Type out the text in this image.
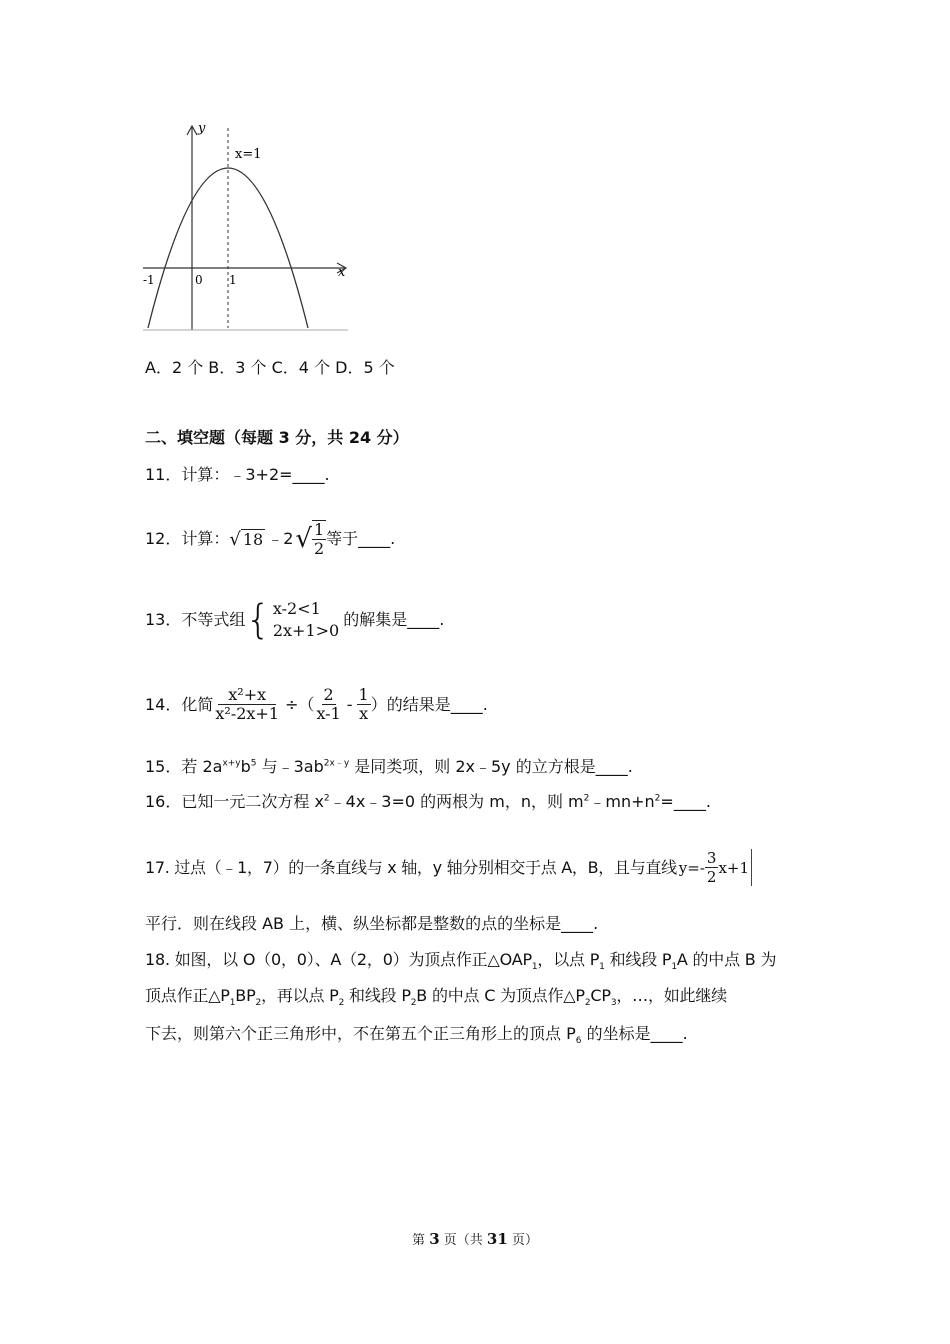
y
x
x=1
-1	0 1
A．2 个 B．3 个 C．4 个 D．5 个
二、填空题（每题 3 分，共 24 分）
11．计算：﹣3+2=____.
12．计算： √ 18 ﹣2 √ $\frac{1}{2}$ 等于____.
13．不等式组 { x-2<1
2x+1>0
的解集是____.
14．化简 $\frac{\text{x²+x}}{\text{x²-2x+1}}$ ÷（ $\frac{2}{x-1} - \frac{1}{x}$ ）的结果是____.
15．若 $2a^{x+y}b^5$ 与$﹣3ab^{2x﹣y}$ 是同类项，则 2x﹣5y 的立方根是____.
16．已知一元二次方程 $x^2﹣4x﹣3=0$ 的两根为 m，n，则 $m^2﹣mn+n^2=\_\_\_\_$.
17. 过点（﹣1，7）的一条直线与 x 轴，y 轴分别相交于点 A，B，且与直线 $y=- \frac{3}{2} x+1$
平行．则在线段 AB 上，横、纵坐标都是整数的点的坐标是____.
18. 如图，以 O（0，0）、A（2，0）为顶点作正$\triangle OAP_1$，以点 $P_1$ 和线段 $P_1A$ 的中点 B 为
顶点作正$\triangle P_1BP_2$，再以点 $P_2$ 和线段 $P_2B$ 的中点 C 为顶点作$\triangle P_2CP_3$，…，如此继续
下去，则第六个正三角形中，不在第五个正三角形上的顶点 $P_6$ 的坐标是____.
第 3 页（共 31 页）
